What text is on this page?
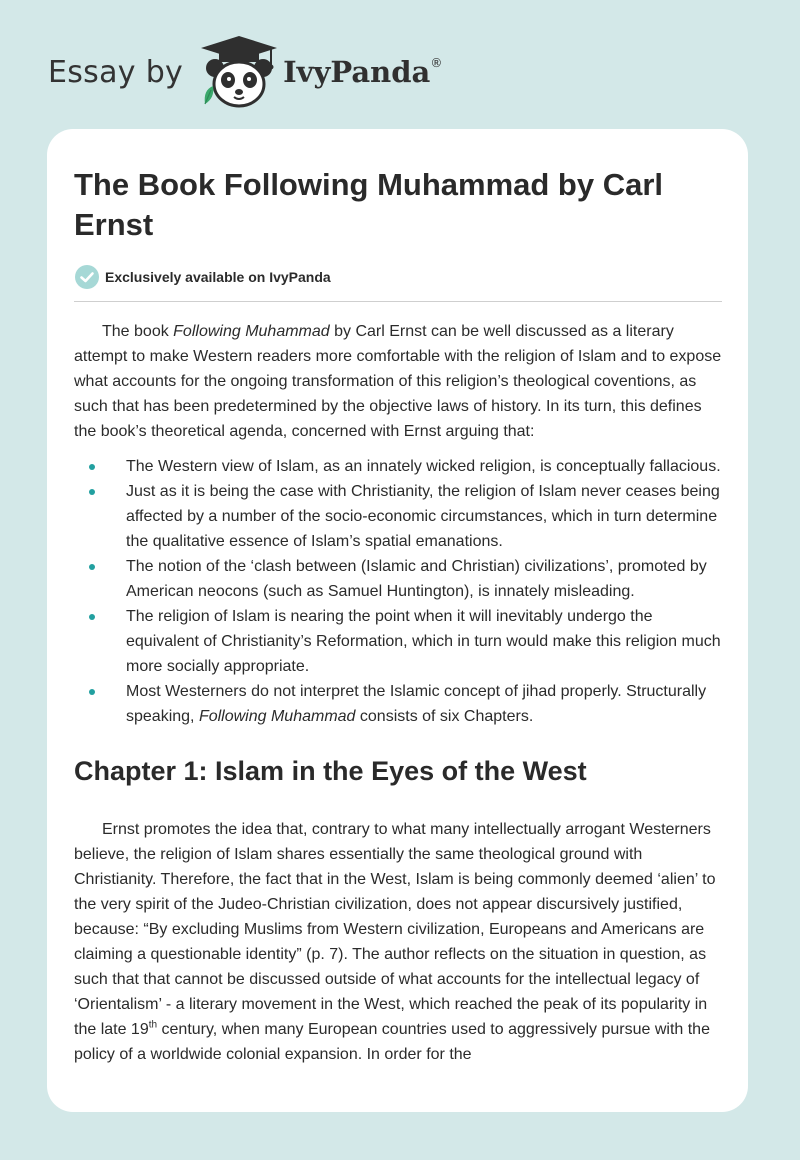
Essay by	IvyPanda®
The Book Following Muhammad by Carl Ernst
Exclusively available on IvyPanda

The book Following Muhammad by Carl Ernst can be well discussed as a literary attempt to make Western readers more comfortable with the religion of Islam and to expose what accounts for the ongoing transformation of this religion’s theological coventions, as such that has been predetermined by the objective laws of history. In its turn, this defines the book’s theoretical agenda, concerned with Ernst arguing that:

The Western view of Islam, as an innately wicked religion, is conceptually fallacious.
Just as it is being the case with Christianity, the religion of Islam never ceases being affected by a number of the socio-economic circumstances, which in turn determine the qualitative essence of Islam’s spatial emanations.
The notion of the ‘clash between (Islamic and Christian) civilizations’, promoted by American neocons (such as Samuel Huntington), is innately misleading.
The religion of Islam is nearing the point when it will inevitably undergo the equivalent of Christianity’s Reformation, which in turn would make this religion much more socially appropriate.
Most Westerners do not interpret the Islamic concept of jihad properly. Structurally speaking, Following Muhammad consists of six Chapters.
Chapter 1: Islam in the Eyes of the West

Ernst promotes the idea that, contrary to what many intellectually arrogant Westerners believe, the religion of Islam shares essentially the same theological ground with Christianity. Therefore, the fact that in the West, Islam is being commonly deemed ‘alien’ to the very spirit of the Judeo-Christian civilization, does not appear discursively justified, because: “By excluding Muslims from Western civilization, Europeans and Americans are claiming a questionable identity” (p. 7). The author reflects on the situation in question, as such that that cannot be discussed outside of what accounts for the intellectual legacy of ‘Orientalism’ - a literary movement in the West, which reached the peak of its popularity in the late 19th century, when many European countries used to aggressively pursue with the policy of a worldwide colonial expansion. In order for the
